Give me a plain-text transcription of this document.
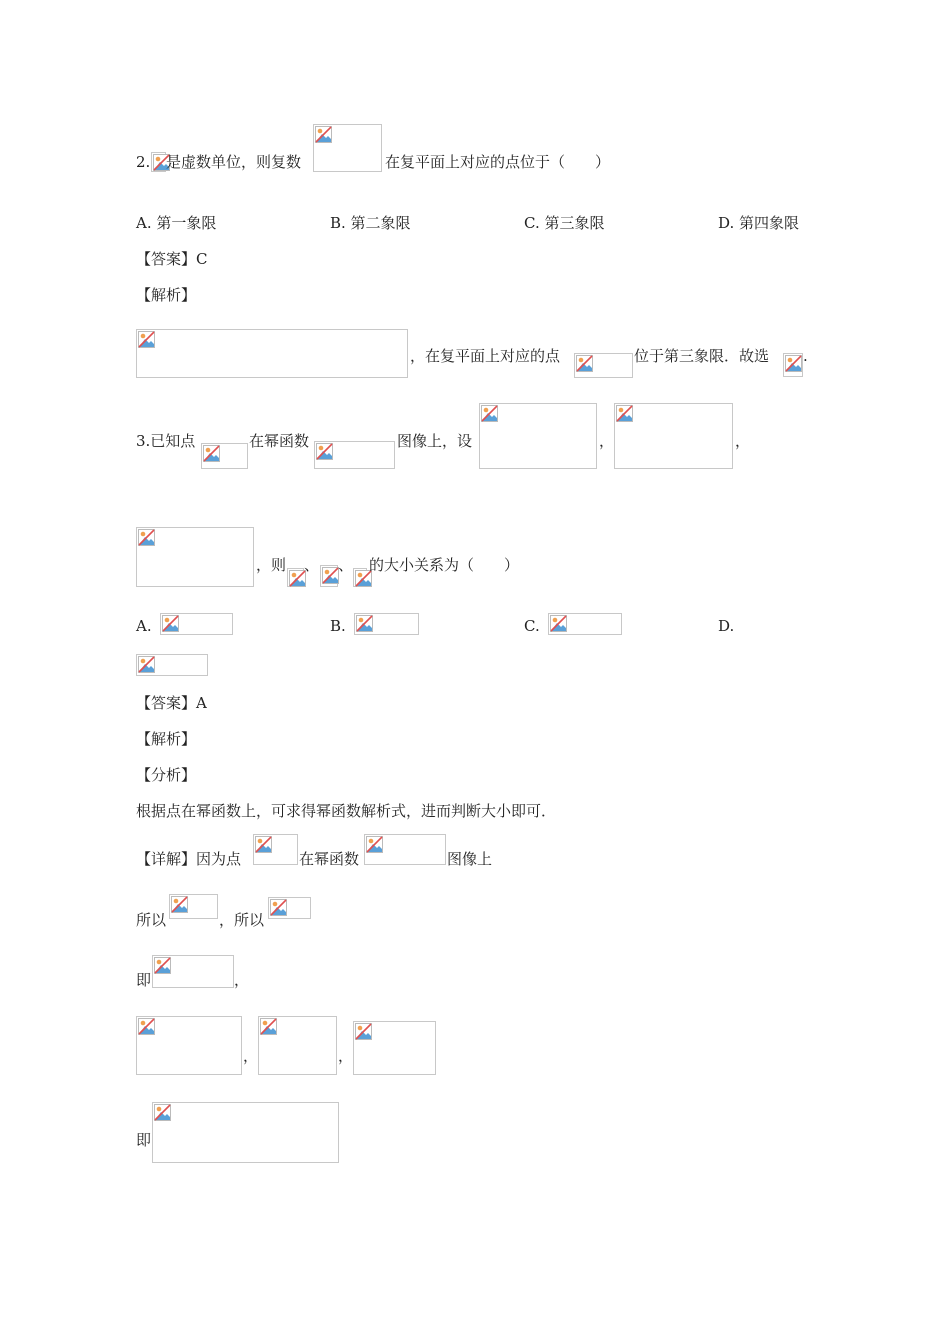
2. 是虚数单位，则复数	在复平面上对应的点位于（　　）
A. 第一象限	B. 第二象限	C. 第三象限	D. 第四象限
【答案】C
【解析】
，在复平面上对应的点	位于第三象限．故选 .
3.已知点	在幂函数	图像上，设	，	，
，则 、 、 的大小关系为（　　）
A.	B.	C.	D.
【答案】A
【解析】
【分析】
根据点在幂函数上，可求得幂函数解析式，进而判断大小即可．
【详解】因为点	在幂函数	图像上
所以	，所以
即	，
，	，
即
